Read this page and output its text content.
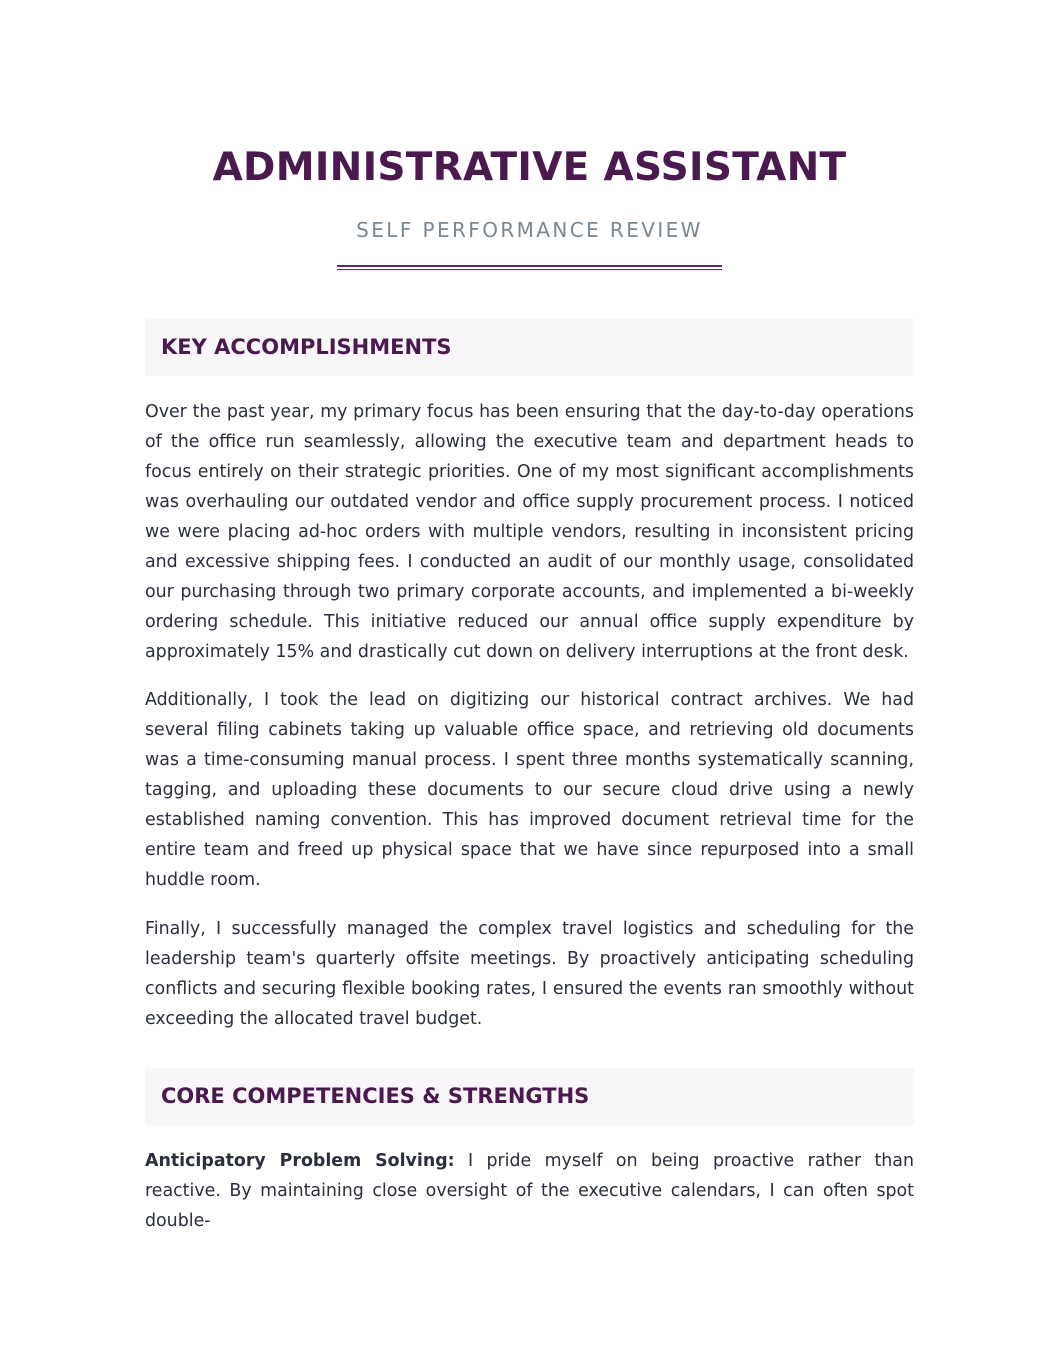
ADMINISTRATIVE ASSISTANT
SELF PERFORMANCE REVIEW
KEY ACCOMPLISHMENTS

Over the past year, my primary focus has been ensuring that the day-to-day operations of the office run seamlessly, allowing the executive team and department heads to focus entirely on their strategic priorities. One of my most significant accomplishments was overhauling our outdated vendor and office supply procurement process. I noticed we were placing ad-hoc orders with multiple vendors, resulting in inconsistent pricing and excessive shipping fees. I conducted an audit of our monthly usage, consolidated our purchasing through two primary corporate accounts, and implemented a bi-weekly ordering schedule. This initiative reduced our annual office supply expenditure by approximately 15% and drastically cut down on delivery interruptions at the front desk.

Additionally, I took the lead on digitizing our historical contract archives. We had several filing cabinets taking up valuable office space, and retrieving old documents was a time-consuming manual process. I spent three months systematically scanning, tagging, and uploading these documents to our secure cloud drive using a newly established naming convention. This has improved document retrieval time for the entire team and freed up physical space that we have since repurposed into a small huddle room.

Finally, I successfully managed the complex travel logistics and scheduling for the leadership team's quarterly offsite meetings. By proactively anticipating scheduling conflicts and securing flexible booking rates, I ensured the events ran smoothly without exceeding the allocated travel budget.

CORE COMPETENCIES & STRENGTHS

Anticipatory Problem Solving: I pride myself on being proactive rather than reactive. By maintaining close oversight of the executive calendars, I can often spot double-
